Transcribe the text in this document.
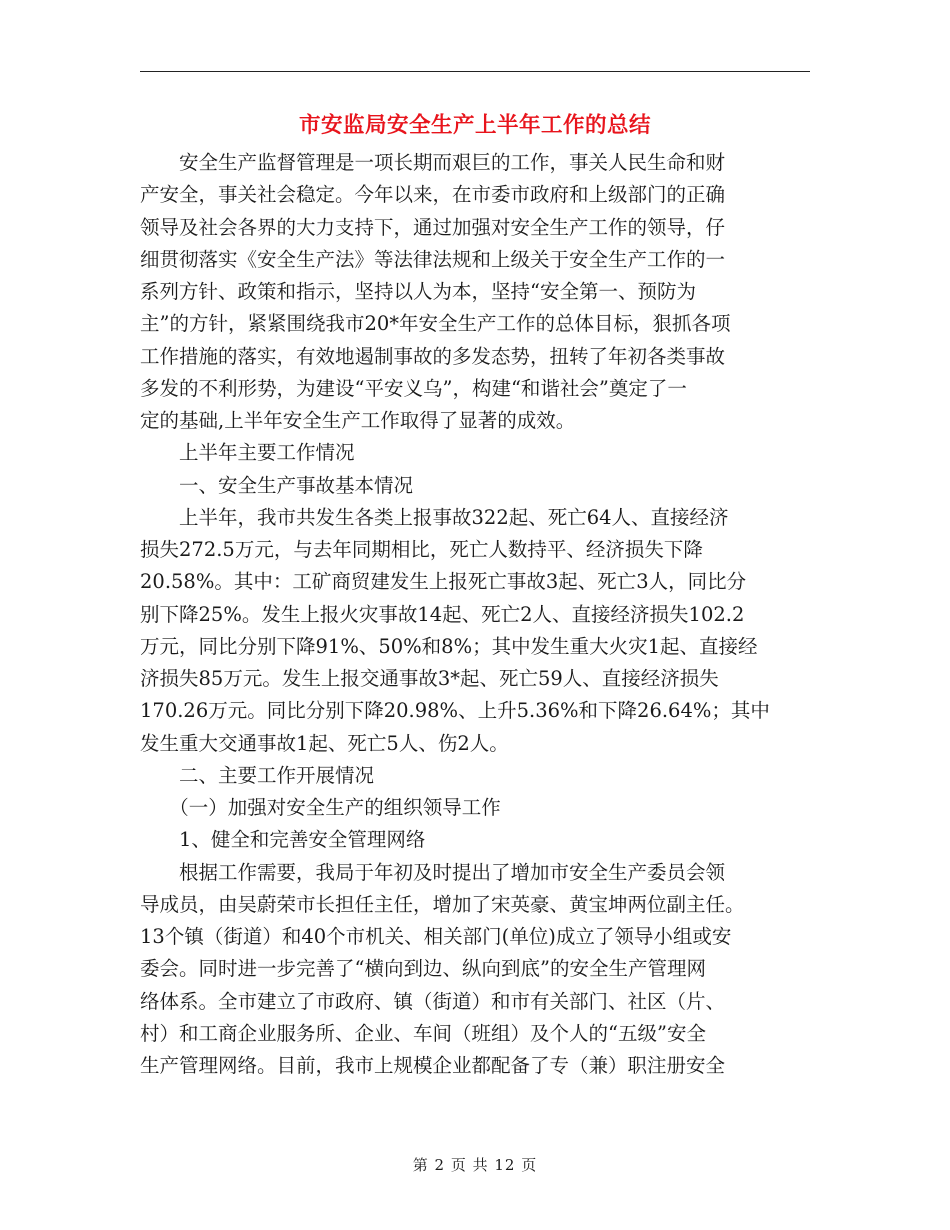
市安监局安全生产上半年工作的总结
　　安全生产监督管理是一项长期而艰巨的工作，事关人民生命和财
产安全，事关社会稳定。今年以来，在市委市政府和上级部门的正确
领导及社会各界的大力支持下，通过加强对安全生产工作的领导，仔
细贯彻落实《安全生产法》等法律法规和上级关于安全生产工作的一
系列方针、政策和指示，坚持以人为本，坚持“安全第一、预防为
主”的方针，紧紧围绕我市20*年安全生产工作的总体目标，狠抓各项
工作措施的落实，有效地遏制事故的多发态势，扭转了年初各类事故
多发的不利形势，为建设“平安义乌”，构建“和谐社会”奠定了一
定的基础,上半年安全生产工作取得了显著的成效。
　　上半年主要工作情况
　　一、安全生产事故基本情况
　　上半年，我市共发生各类上报事故322起、死亡64人、直接经济
损失272.5万元，与去年同期相比，死亡人数持平、经济损失下降
20.58%。其中：工矿商贸建发生上报死亡事故3起、死亡3人，同比分
别下降25%。发生上报火灾事故14起、死亡2人、直接经济损失102.2
万元，同比分别下降91%、50%和8%；其中发生重大火灾1起、直接经
济损失85万元。发生上报交通事故3*起、死亡59人、直接经济损失
170.26万元。同比分别下降20.98%、上升5.36%和下降26.64%；其中
发生重大交通事故1起、死亡5人、伤2人。
　　二、主要工作开展情况
　　（一）加强对安全生产的组织领导工作
　　1、健全和完善安全管理网络
　　根据工作需要，我局于年初及时提出了增加市安全生产委员会领
导成员，由吴蔚荣市长担任主任，增加了宋英豪、黄宝坤两位副主任。
13个镇（街道）和40个市机关、相关部门(单位)成立了领导小组或安
委会。同时进一步完善了“横向到边、纵向到底”的安全生产管理网
络体系。全市建立了市政府、镇（街道）和市有关部门、社区（片、
村）和工商企业服务所、企业、车间（班组）及个人的“五级”安全
生产管理网络。目前，我市上规模企业都配备了专（兼）职注册安全
第 2 页 共 12 页
